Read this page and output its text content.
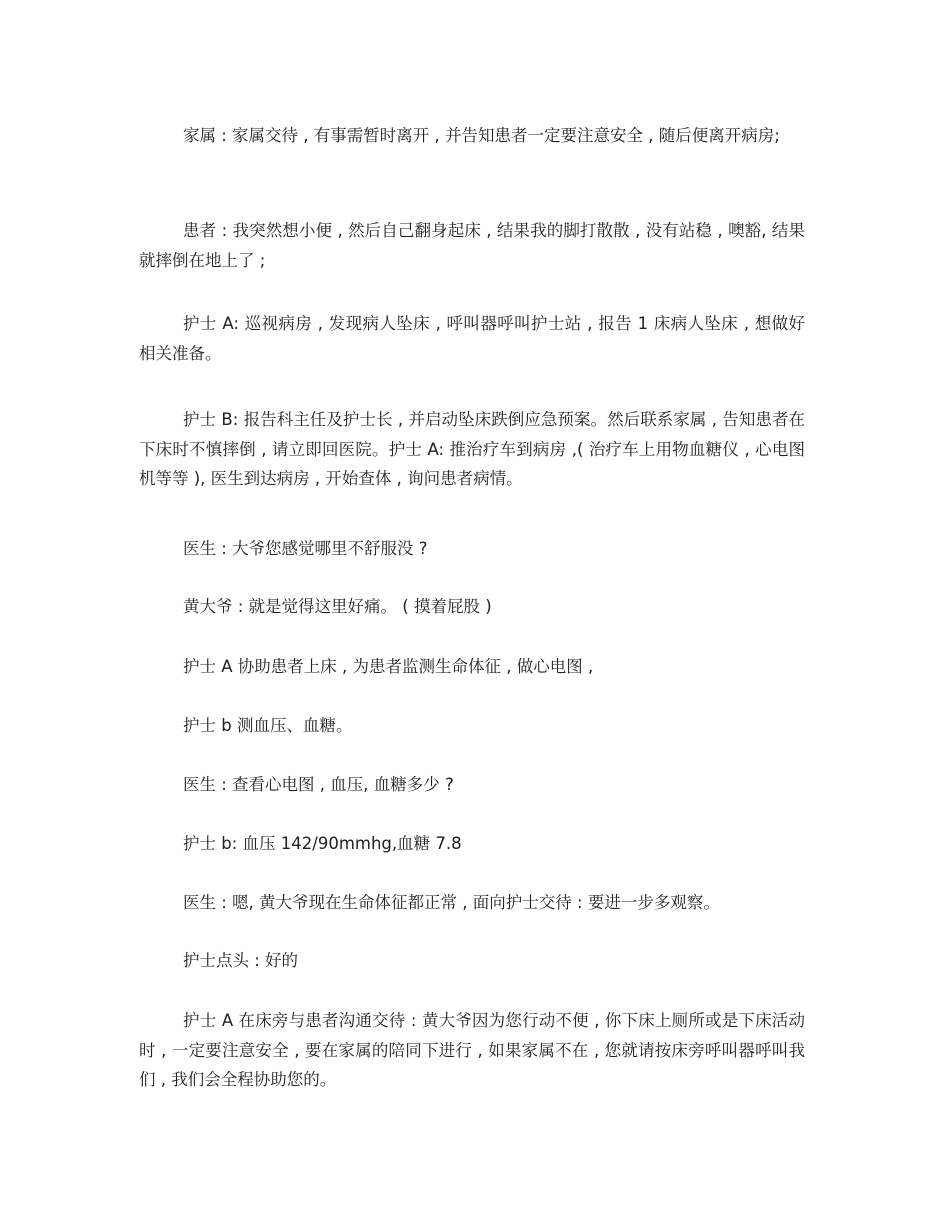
家属 : 家属交待 , 有事需暂时离开 , 并告知患者一定要注意安全 , 随后便离开病房;

患者 : 我突然想小便 , 然后自己翻身起床 , 结果我的脚打散散 , 没有站稳 , 噢豁, 结果就摔倒在地上了 ;

护士 A: 巡视病房 , 发现病人坠床 , 呼叫器呼叫护士站 , 报告 1 床病人坠床 , 想做好相关准备。

护士 B: 报告科主任及护士长 , 并启动坠床跌倒应急预案。然后联系家属 , 告知患者在下床时不慎摔倒 , 请立即回医院。护士 A: 推治疗车到病房 ,( 治疗车上用物血糖仪 , 心电图机等等 ), 医生到达病房 , 开始查体 , 询问患者病情。

医生 : 大爷您感觉哪里不舒服没 ?

黄大爷 : 就是觉得这里好痛。 ( 摸着屁股 )

护士 A 协助患者上床 , 为患者监测生命体征 , 做心电图 ,

护士 b 测血压、血糖。

医生 : 查看心电图 , 血压, 血糖多少 ?

护士 b: 血压 142/90mmhg,血糖 7.8

医生 : 嗯, 黄大爷现在生命体征都正常 , 面向护士交待 : 要进一步多观察。

护士点头 : 好的

护士 A 在床旁与患者沟通交待 : 黄大爷因为您行动不便 , 你下床上厕所或是下床活动时 , 一定要注意安全 , 要在家属的陪同下进行 , 如果家属不在 , 您就请按床旁呼叫器呼叫我们 , 我们会全程协助您的。
